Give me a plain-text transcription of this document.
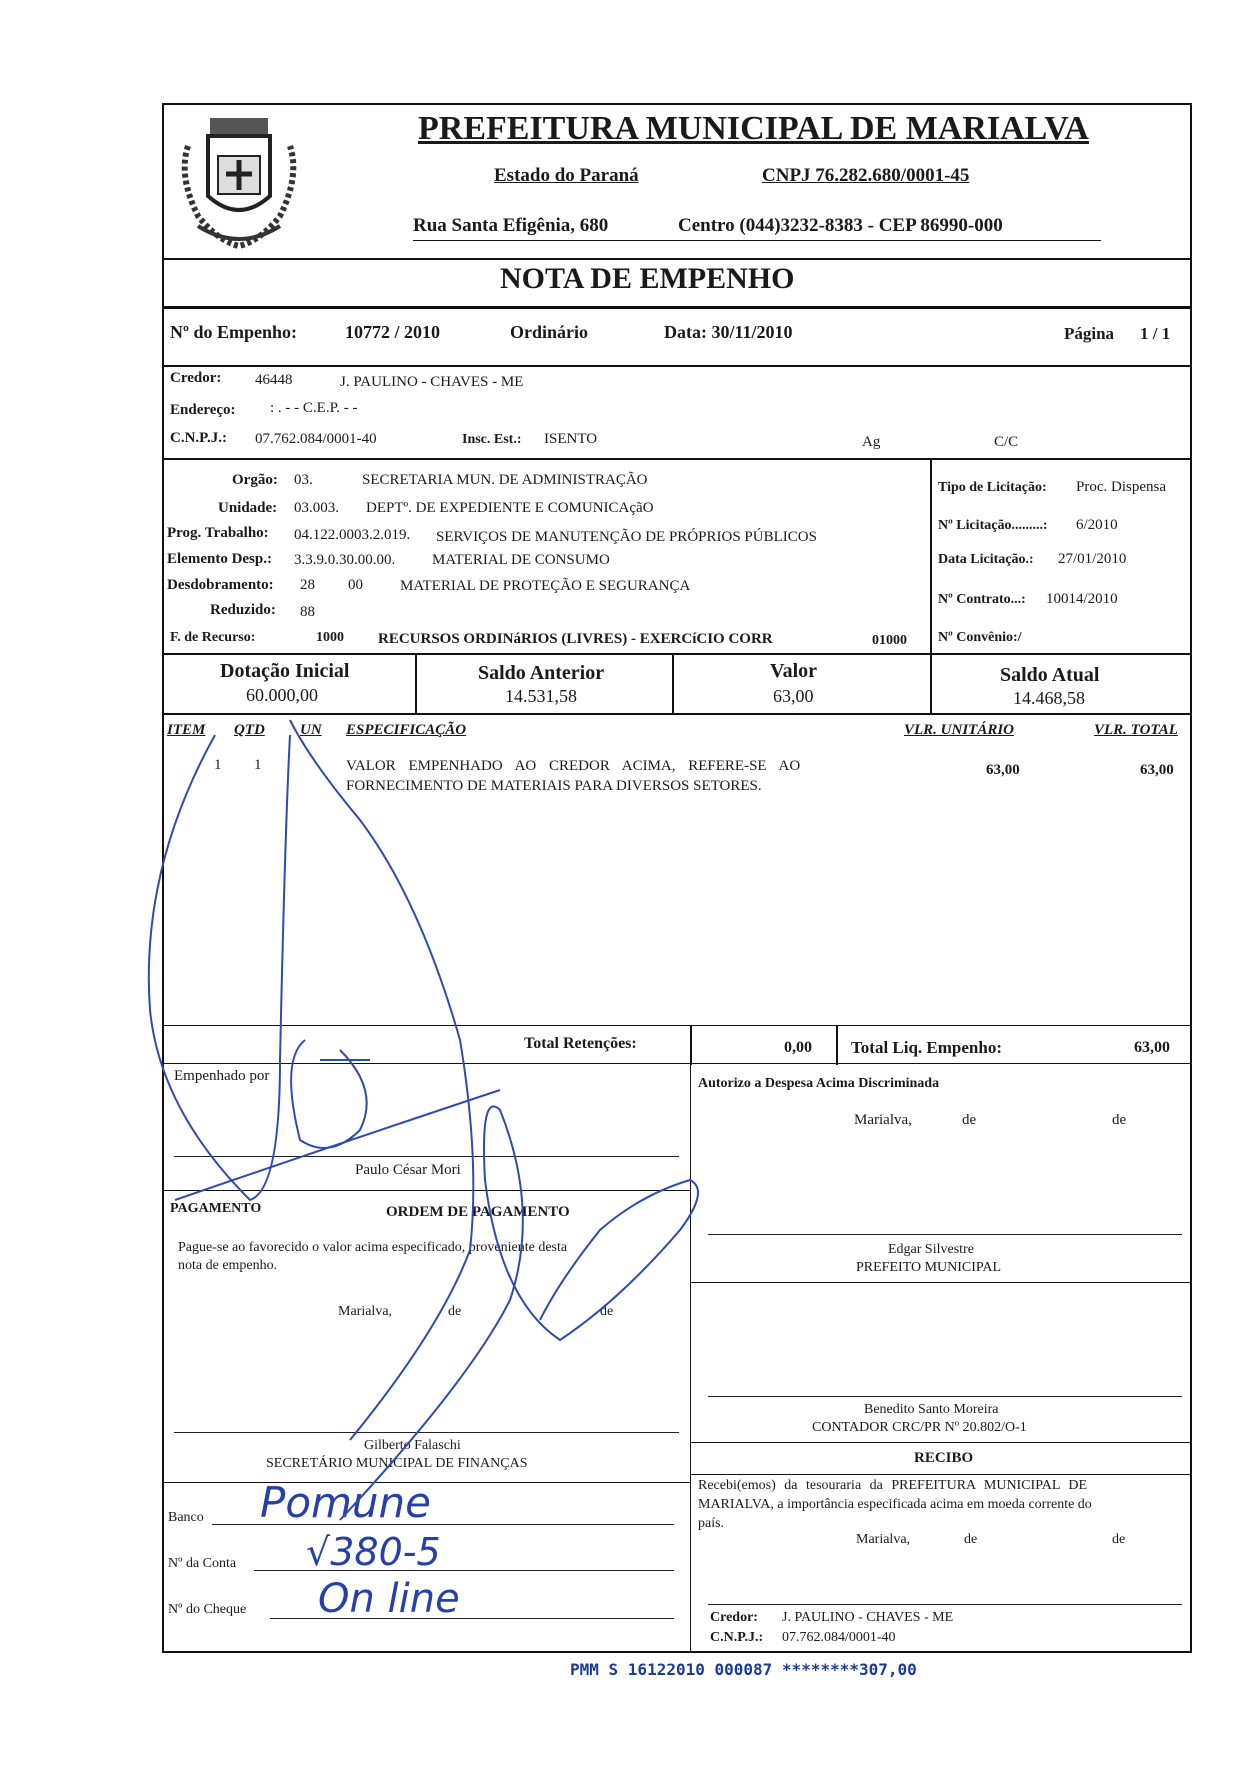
PREFEITURA MUNICIPAL DE MARIALVA
Estado do Paraná	CNPJ 76.282.680/0001-45
Rua Santa Efigênia, 680	Centro (044)3232-8383 - CEP 86990-000
NOTA DE EMPENHO
Nº do Empenho:	10772 / 2010	Ordinário	Data: 30/11/2010	Página 1 / 1
Credor: 46448	J. PAULINO - CHAVES - ME
Endereço: : . - - C.E.P. - -
C.N.P.J.: 07.762.084/0001-40	Insc. Est.: ISENTO	Ag	C/C
Orgão: 03.	SECRETARIA MUN. DE ADMINISTRAÇÃO
Unidade: 03.003. DEPTº. DE EXPEDIENTE E COMUNICAçãO
Prog. Trabalho: 04.122.0003.2.019. SERVIÇOS DE MANUTENÇÃO DE PRÓPRIOS PÚBLICOS
Elemento Desp.: 3.3.9.0.30.00.00. MATERIAL DE CONSUMO
Desdobramento: 28 00 MATERIAL DE PROTEÇÃO E SEGURANÇA
Reduzido: 88
F. de Recurso:	1000 RECURSOS ORDINáRIOS (LIVRES) - EXERCíCIO CORR	01000
Tipo de Licitação: Proc. Dispensa
Nº Licitação.........: 6/2010
Data Licitação.: 27/01/2010
Nº Contrato...: 10014/2010
Nº Convênio:/
Dotação Inicial
60.000,00
Saldo Anterior
14.531,58
Valor
63,00
Saldo Atual
14.468,58
ITEM QTD UN ESPECIFICAÇÃO	VLR. UNITÁRIO	VLR. TOTAL
1 1	VALOR EMPENHADO AO CREDOR ACIMA, REFERE-SE AO
FORNECIMENTO DE MATERIAIS PARA DIVERSOS SETORES.
63,00	63,00
Total Retenções:	0,00 Total Liq. Empenho:	63,00
Empenhado por
Paulo César Mori
PAGAMENTO	ORDEM DE PAGAMENTO
Pague-se ao favorecido o valor acima especificado, proveniente desta
nota de empenho.
Marialva,	de	de
Gilberto Falaschi
SECRETÁRIO MUNICIPAL DE FINANÇAS
Banco Pomune
Nº da Conta √380-5
Nº do Cheque On line
Autorizo a Despesa Acima Discriminada
Marialva,	de	de
Edgar Silvestre
PREFEITO MUNICIPAL
Benedito Santo Moreira
CONTADOR CRC/PR Nº 20.802/O-1
RECIBO
Recebi(emos) da tesouraria da PREFEITURA MUNICIPAL DE
MARIALVA, a importância especificada acima em moeda corrente do
país.
Marialva,	de	de
Credor: J. PAULINO - CHAVES - ME
C.N.P.J.: 07.762.084/0001-40
PMM S 16122010 000087 ********307,00
